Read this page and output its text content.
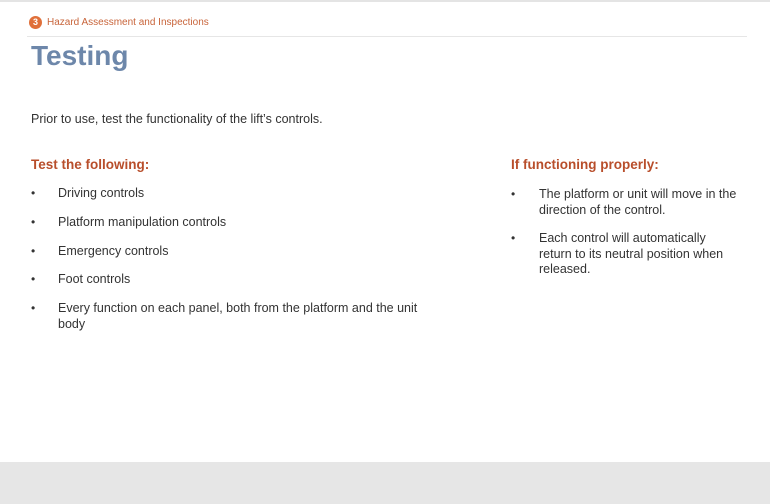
3 Hazard Assessment and Inspections
Testing
Prior to use, test the functionality of the lift’s controls.
Test the following:
• Driving controls
• Platform manipulation controls
• Emergency controls
• Foot controls
• Every function on each panel, both from the platform and the unit body
If functioning properly:
• The platform or unit will move in the direction of the control.
• Each control will automatically return to its neutral position when released.
